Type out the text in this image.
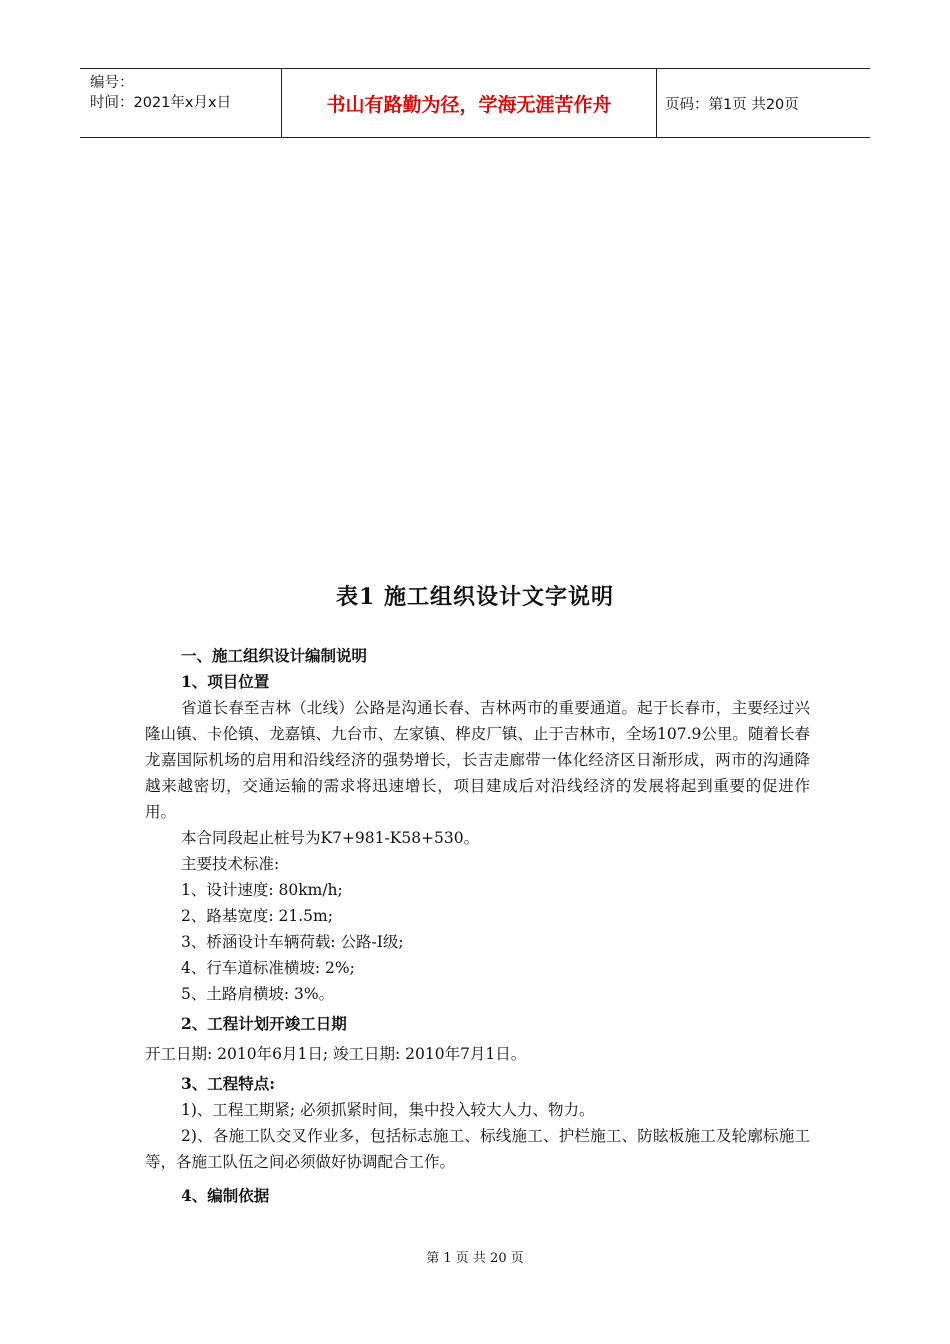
编号：
时间：2021年x月x日	书山有路勤为径，学海无涯苦作舟	页码：第1页 共20页
表1 施工组织设计文字说明

一、施工组织设计编制说明

1、项目位置

省道长春至吉林（北线）公路是沟通长春、吉林两市的重要通道。起于长春市，主要经过兴隆山镇、卡伦镇、龙嘉镇、九台市、左家镇、桦皮厂镇、止于吉林市，全场107.9公里。随着长春龙嘉国际机场的启用和沿线经济的强势增长，长吉走廊带一体化经济区日渐形成，两市的沟通降越来越密切，交通运输的需求将迅速增长，项目建成后对沿线经济的发展将起到重要的促进作用。

本合同段起止桩号为K7+981-K58+530。

主要技术标准:

1、设计速度: 80km/h;

2、路基宽度: 21.5m;

3、桥涵设计车辆荷载: 公路-I级;

4、行车道标准横坡: 2%;

5、土路肩横坡: 3%。

2、工程计划开竣工日期

开工日期: 2010年6月1日; 竣工日期: 2010年7月1日。

3、工程特点:

1)、工程工期紧; 必须抓紧时间，集中投入较大人力、物力。

2)、各施工队交叉作业多，包括标志施工、标线施工、护栏施工、防眩板施工及轮廓标施工等，各施工队伍之间必须做好协调配合工作。

4、编制依据

第 1 页 共 20 页
